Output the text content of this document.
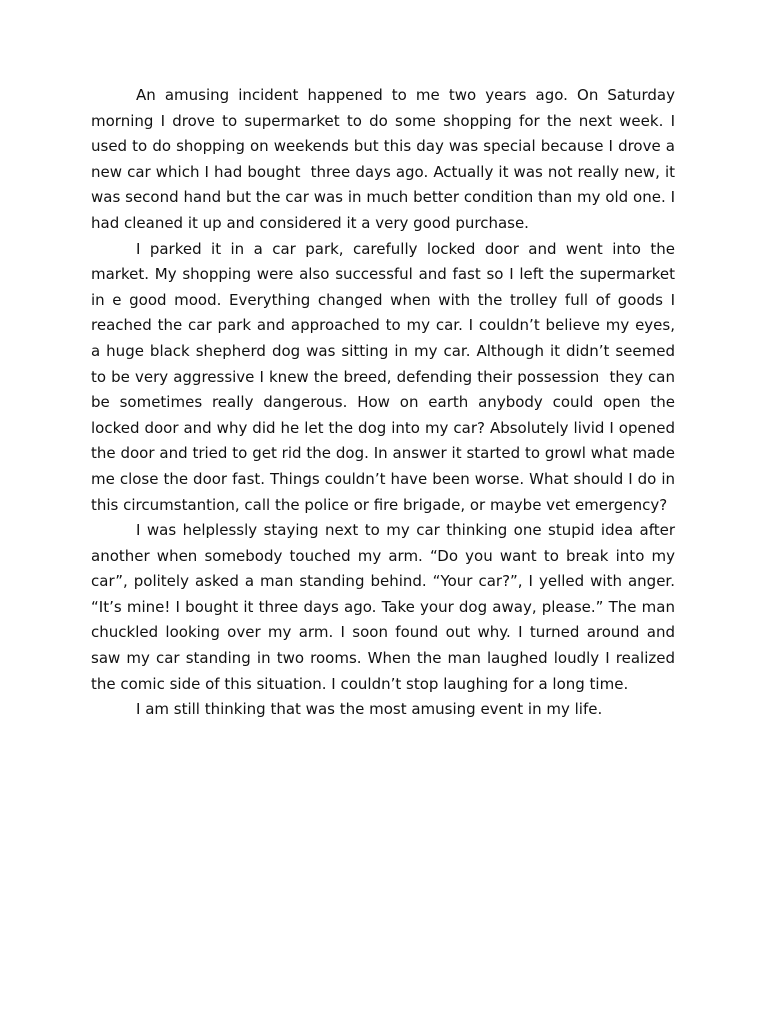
An amusing incident happened to me two years ago. On Saturday morning I drove to supermarket to do some shopping for the next week. I used to do shopping on weekends but this day was special because I drove a new car which I had bought  three days ago. Actually it was not really new, it was second hand but the car was in much better condition than my old one. I had cleaned it up and considered it a very good purchase.

I parked it in a car park, carefully locked door and went into the market. My shopping were also successful and fast so I left the supermarket in e good mood. Everything changed when with the trolley full of goods I reached the car park and approached to my car. I couldn’t believe my eyes, a huge black shepherd dog was sitting in my car. Although it didn’t seemed to be very aggressive I knew the breed, defending their possession  they can be sometimes really dangerous. How on earth anybody could open the locked door and why did he let the dog into my car? Absolutely livid I opened the door and tried to get rid the dog. In answer it started to growl what made me close the door fast. Things couldn’t have been worse. What should I do in this circumstantion, call the police or fire brigade, or maybe vet emergency?

I was helplessly staying next to my car thinking one stupid idea after another when somebody touched my arm. “Do you want to break into my car”, politely asked a man standing behind. “Your car?”, I yelled with anger. “It’s mine! I bought it three days ago. Take your dog away, please.” The man chuckled looking over my arm. I soon found out why. I turned around and saw my car standing in two rooms. When the man laughed loudly I realized the comic side of this situation. I couldn’t stop laughing for a long time.

I am still thinking that was the most amusing event in my life.
